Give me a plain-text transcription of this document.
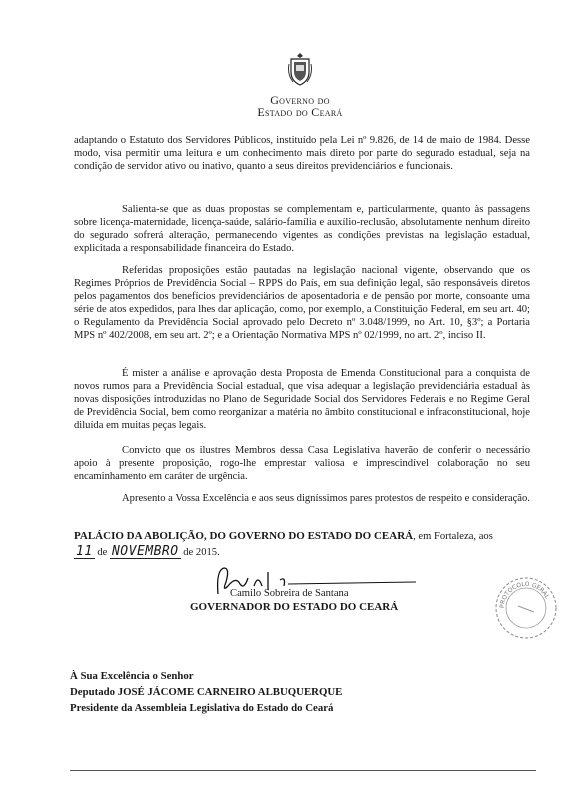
Governo do
Estado do Ceará

adaptando o Estatuto dos Servidores Públicos, instituído pela Lei nº 9.826, de 14 de maio de 1984. Desse modo, visa permitir uma leitura e um conhecimento mais direto por parte do segurado estadual, seja na condição de servidor ativo ou inativo, quanto a seus direitos previdenciários e funcionais.

Salienta-se que as duas propostas se complementam e, particularmente, quanto às passagens sobre licença-maternidade, licença-saúde, salário-família e auxílio-reclusão, absolutamente nenhum direito do segurado sofrerá alteração, permanecendo vigentes as condições previstas na legislação estadual, explicitada a responsabilidade financeira do Estado.

Referidas proposições estão pautadas na legislação nacional vigente, observando que os Regimes Próprios de Previdência Social – RPPS do País, em sua definição legal, são responsáveis diretos pelos pagamentos dos benefícios previdenciários de aposentadoria e de pensão por morte, consoante uma série de atos expedidos, para lhes dar aplicação, como, por exemplo, a Constituição Federal, em seu art. 40; o Regulamento da Previdência Social aprovado pelo Decreto nº 3.048/1999, no Art. 10, §3º; a Portaria MPS nº 402/2008, em seu art. 2º; e a Orientação Normativa MPS nº 02/1999, no art. 2º, inciso II.

É mister a análise e aprovação desta Proposta de Emenda Constitucional para a conquista de novos rumos para a Previdência Social estadual, que visa adequar a legislação previdenciária estadual às novas disposições introduzidas no Plano de Seguridade Social dos Servidores Federais e no Regime Geral de Previdência Social, bem como reorganizar a matéria no âmbito constitucional e infraconstitucional, hoje diluída em muitas peças legais.

Convicto que os ilustres Membros dessa Casa Legislativa haverão de conferir o necessário apoio à presente proposição, rogo-lhe emprestar valiosa e imprescindível colaboração no seu encaminhamento em caráter de urgência.

Apresento a Vossa Excelência e aos seus digníssimos pares protestos de respeito e consideração.

PALÁCIO DA ABOLIÇÃO, DO GOVERNO DO ESTADO DO CEARÁ, em Fortaleza, aos
11 de NOVEMBRO de 2015.
Camilo Sobreira de Santana
GOVERNADOR DO ESTADO DO CEARÁ	PROTOCOLO GERAL
À Sua Excelência o Senhor
Deputado JOSÉ JÁCOME CARNEIRO ALBUQUERQUE
Presidente da Assembleia Legislativa do Estado do Ceará
